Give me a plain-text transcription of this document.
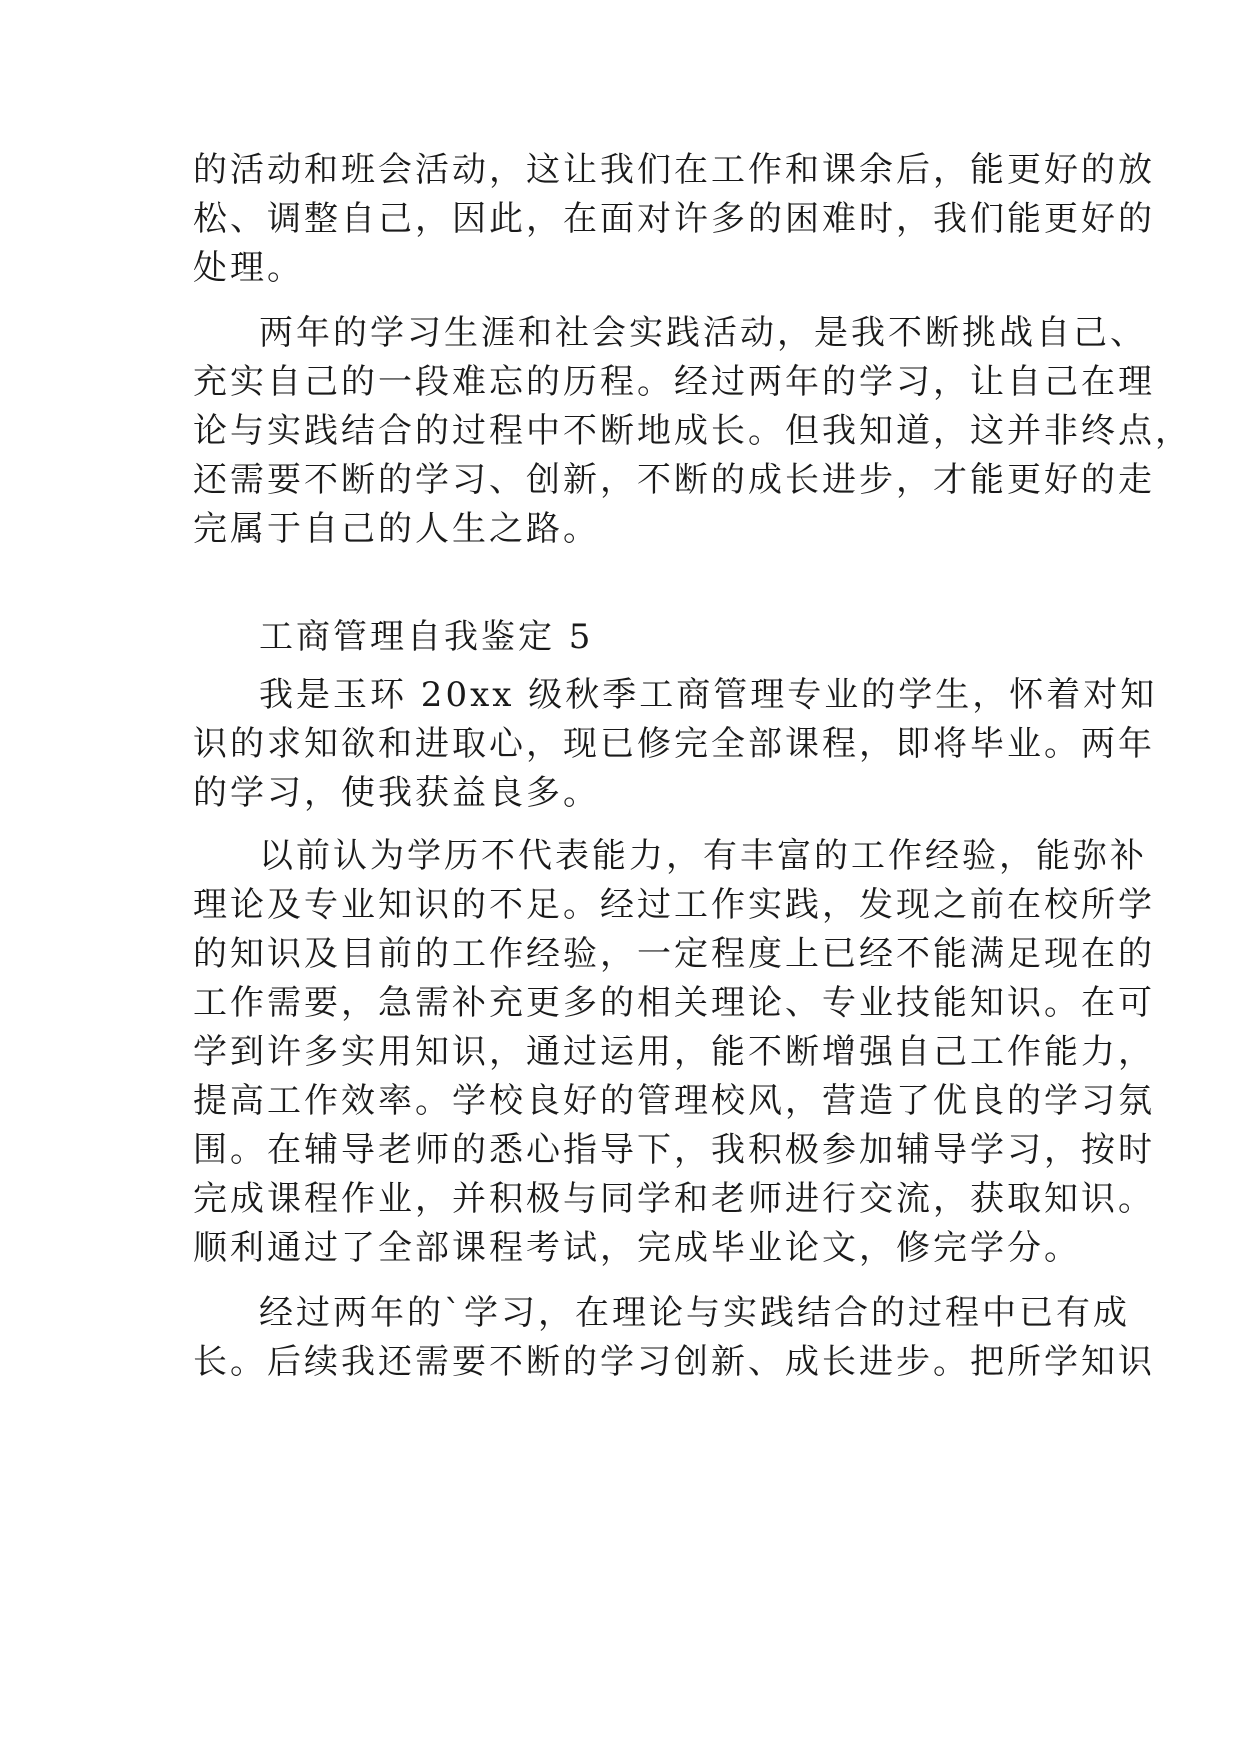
的活动和班会活动，这让我们在工作和课余后，能更好的放
松、调整自己，因此，在面对许多的困难时，我们能更好的
处理。
两年的学习生涯和社会实践活动，是我不断挑战自己、
充实自己的一段难忘的历程。经过两年的学习，让自己在理
论与实践结合的过程中不断地成长。但我知道，这并非终点，
还需要不断的学习、创新，不断的成长进步，才能更好的走
完属于自己的人生之路。
工商管理自我鉴定 5
我是玉环 20xx 级秋季工商管理专业的学生，怀着对知
识的求知欲和进取心，现已修完全部课程，即将毕业。两年
的学习，使我获益良多。
以前认为学历不代表能力，有丰富的工作经验，能弥补
理论及专业知识的不足。经过工作实践，发现之前在校所学
的知识及目前的工作经验，一定程度上已经不能满足现在的
工作需要，急需补充更多的相关理论、专业技能知识。在可
学到许多实用知识，通过运用，能不断增强自己工作能力，
提高工作效率。学校良好的管理校风，营造了优良的学习氛
围。在辅导老师的悉心指导下，我积极参加辅导学习，按时
完成课程作业，并积极与同学和老师进行交流，获取知识。
顺利通过了全部课程考试，完成毕业论文，修完学分。
经过两年的`学习，在理论与实践结合的过程中已有成
长。后续我还需要不断的学习创新、成长进步。把所学知识
